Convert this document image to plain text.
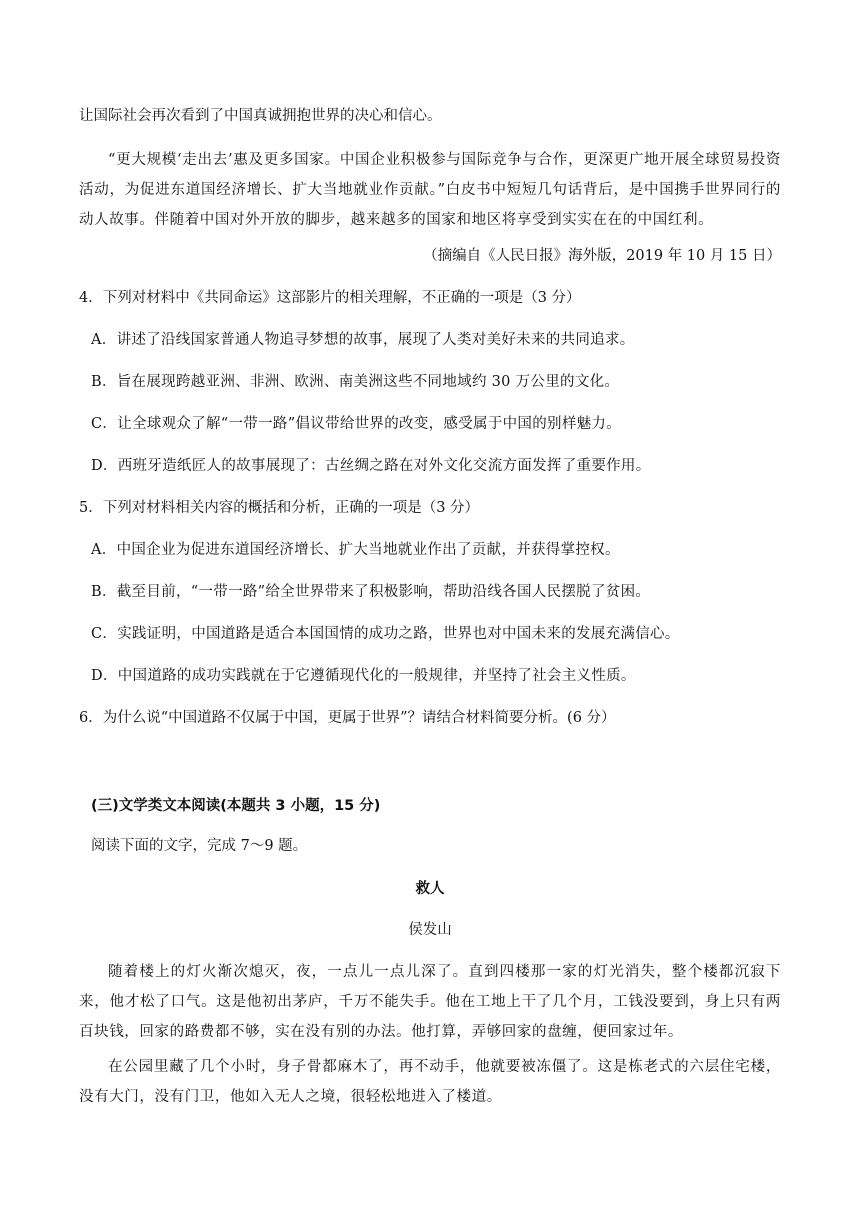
让国际社会再次看到了中国真诚拥抱世界的决心和信心。
“更大规模‘走出去’惠及更多国家。中国企业积极参与国际竞争与合作，更深更广地开展全球贸易投资活动，为促进东道国经济增长、扩大当地就业作贡献。”白皮书中短短几句话背后，是中国携手世界同行的动人故事。伴随着中国对外开放的脚步，越来越多的国家和地区将享受到实实在在的中国红利。
（摘编自《人民日报》海外版，2019 年 10 月 15 日）
4．下列对材料中《共同命运》这部影片的相关理解，不正确的一项是（3 分）
A．讲述了沿线国家普通人物追寻梦想的故事，展现了人类对美好未来的共同追求。
B．旨在展现跨越亚洲、非洲、欧洲、南美洲这些不同地域约 30 万公里的文化。
C．让全球观众了解“一带一路”倡议带给世界的改变，感受属于中国的别样魅力。
D．西班牙造纸匠人的故事展现了：古丝绸之路在对外文化交流方面发挥了重要作用。
5．下列对材料相关内容的概括和分析，正确的一项是（3 分）
A．中国企业为促进东道国经济增长、扩大当地就业作出了贡献，并获得掌控权。
B．截至目前，“一带一路”给全世界带来了积极影响，帮助沿线各国人民摆脱了贫困。
C．实践证明，中国道路是适合本国国情的成功之路，世界也对中国未来的发展充满信心。
D．中国道路的成功实践就在于它遵循现代化的一般规律，并坚持了社会主义性质。
6．为什么说“中国道路不仅属于中国，更属于世界”？请结合材料简要分析。(6 分）
(三)文学类文本阅读(本题共 3 小题，15 分)
阅读下面的文字，完成 7～9 题。
救人
侯发山
随着楼上的灯火渐次熄灭，夜，一点儿一点儿深了。直到四楼那一家的灯光消失，整个楼都沉寂下来，他才松了口气。这是他初出茅庐，千万不能失手。他在工地上干了几个月，工钱没要到，身上只有两百块钱，回家的路费都不够，实在没有别的办法。他打算，弄够回家的盘缠，便回家过年。
在公园里藏了几个小时，身子骨都麻木了，再不动手，他就要被冻僵了。这是栋老式的六层住宅楼，没有大门，没有门卫，他如入无人之境，很轻松地进入了楼道。
